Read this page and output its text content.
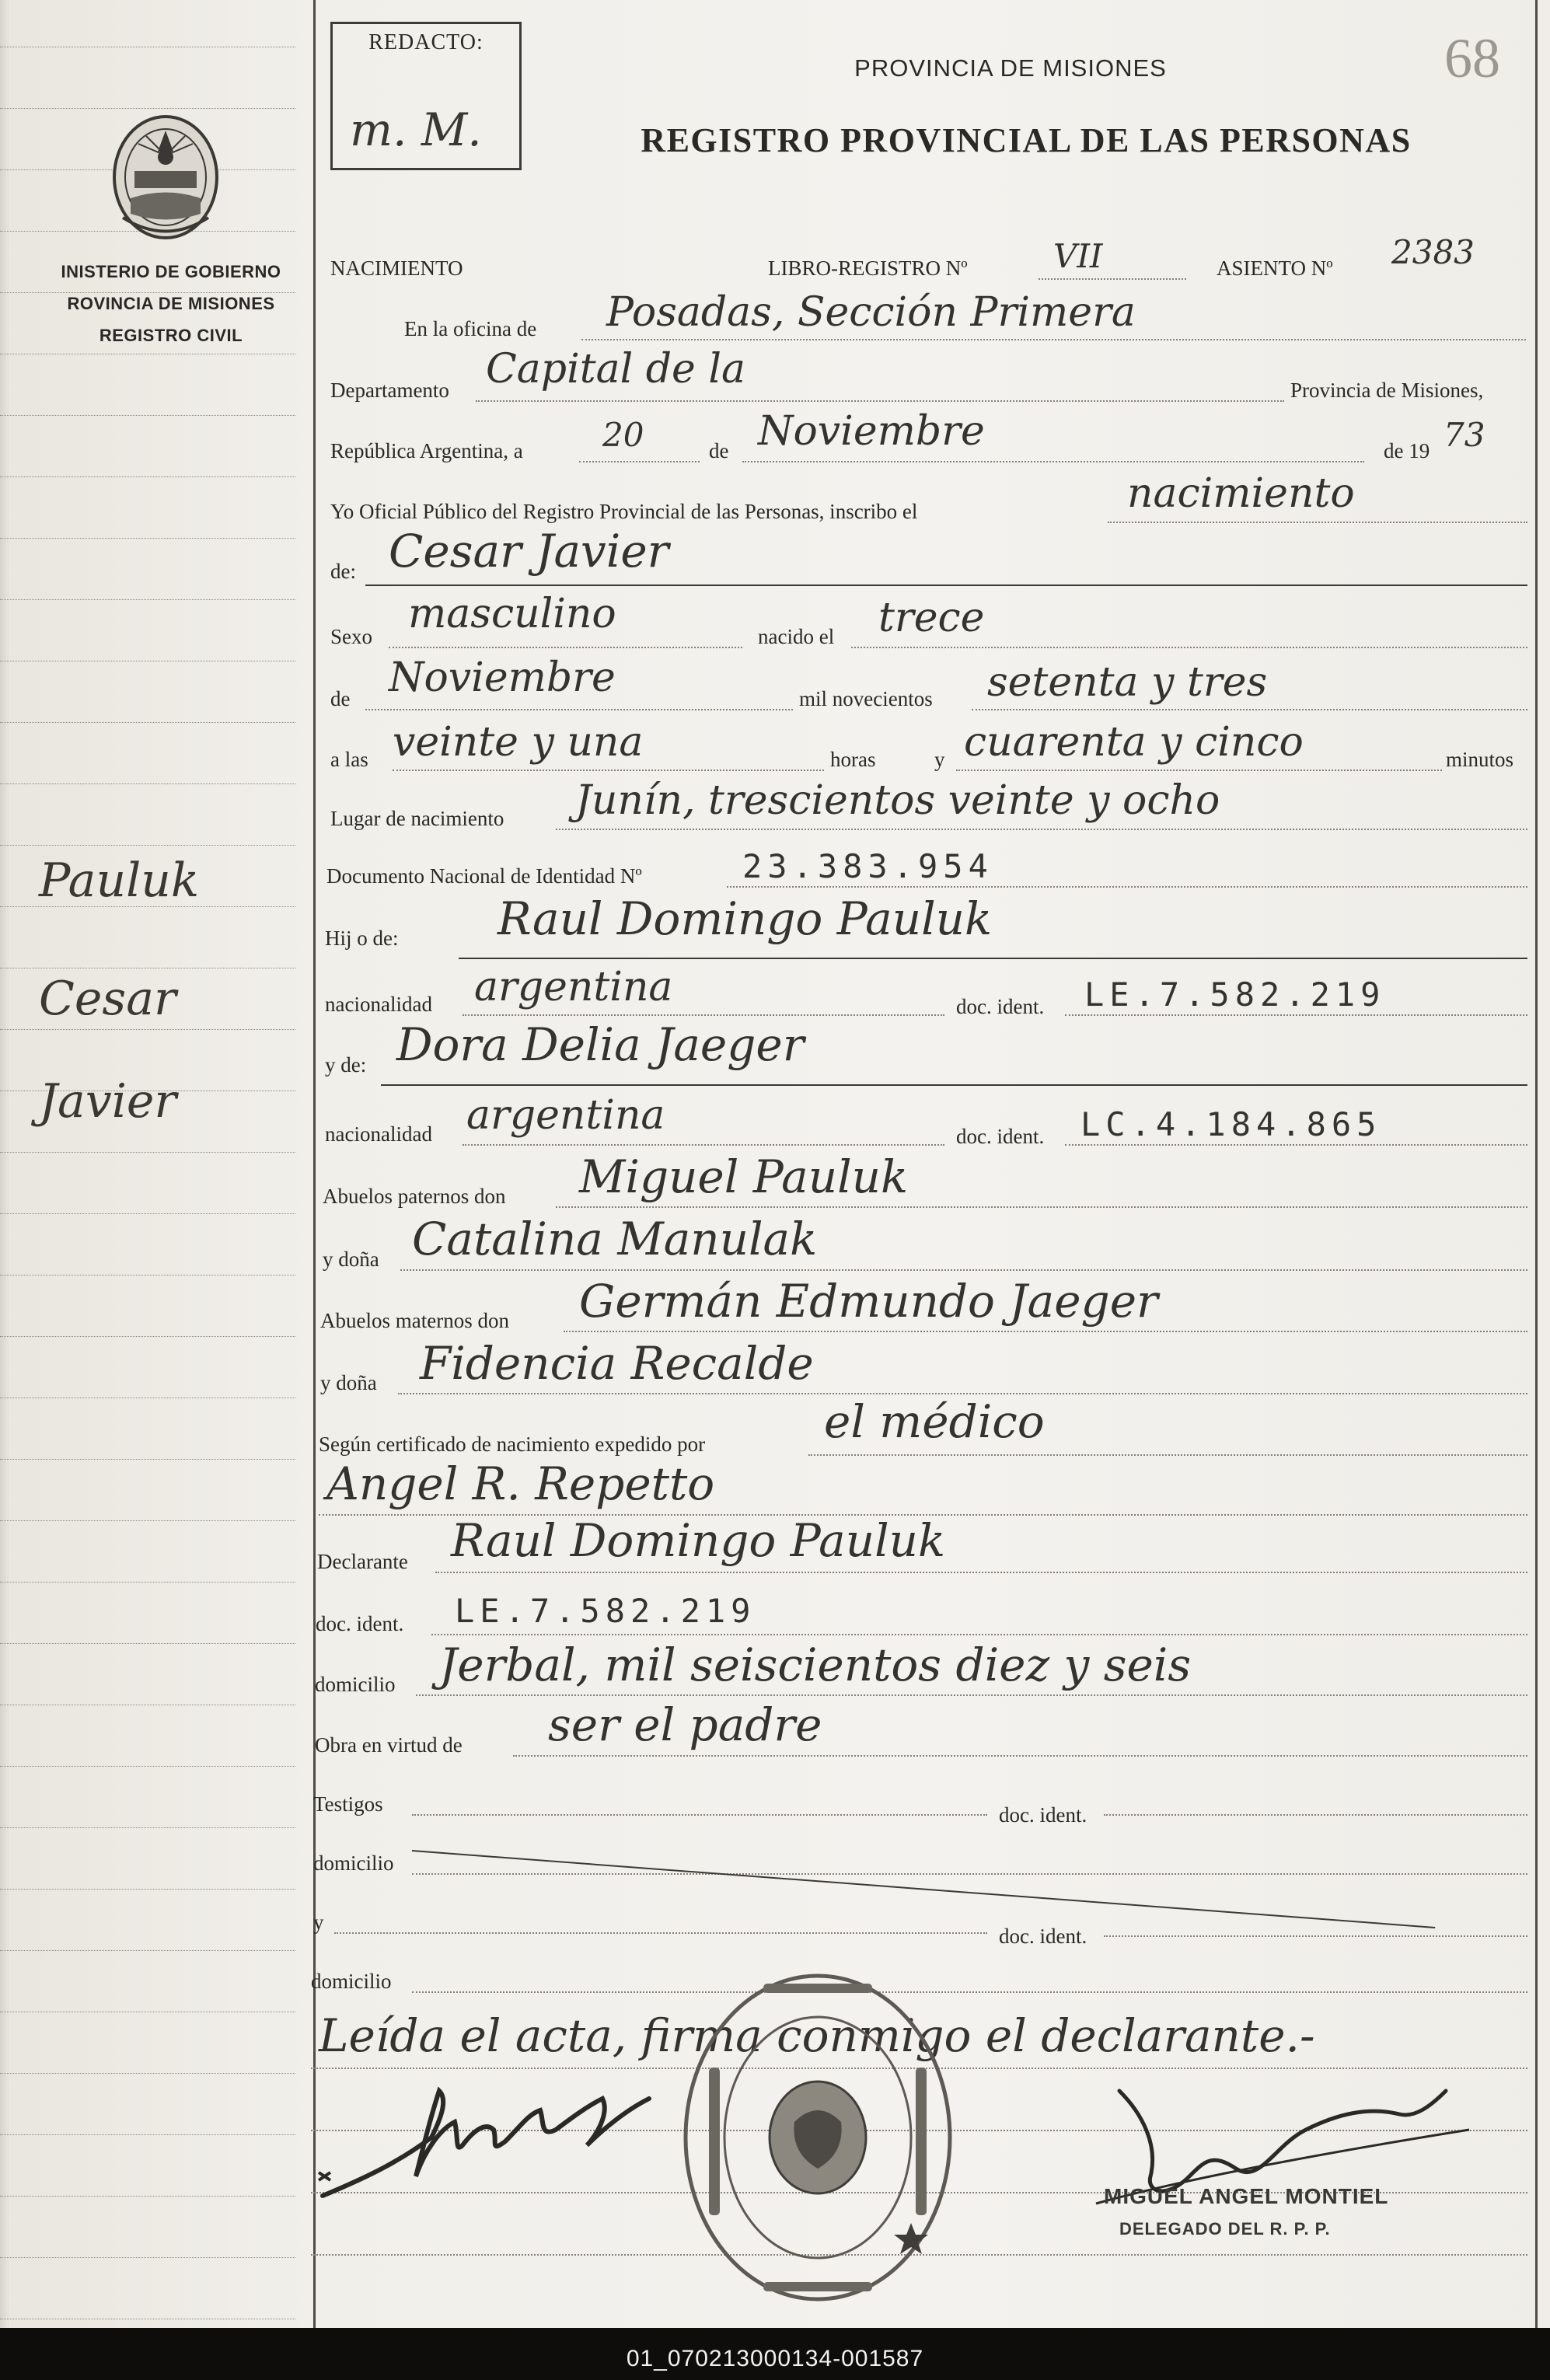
INISTERIO DE GOBIERNO
ROVINCIA DE MISIONES
REGISTRO CIVIL
Pauluk
Cesar
Javier
REDACTO:
m. M.
68
PROVINCIA DE MISIONES
REGISTRO PROVINCIAL DE LAS PERSONAS
NACIMIENTO	LIBRO-REGISTRO Nº	VII	ASIENTO Nº 2383
En la oficina de Posadas, Sección Primera
Departamento Capital de la	Provincia de Misiones,
República Argentina, a 20	de Noviembre	de 19 73
Yo Oficial Público del Registro Provincial de las Personas, inscribo el	nacimiento
de: Cesar Javier
Sexo masculino	nacido el trece
de Noviembre	mil novecientos setenta y tres
a las veinte y una	horas	y cuarenta y cinco	minutos
Lugar de nacimiento Junín, trescientos veinte y ocho
Documento Nacional de Identidad Nº	23.383.954
Hij o de: Raul Domingo Pauluk
nacionalidad argentina	doc. ident. LE.7.582.219
y de: Dora Delia Jaeger
nacionalidad argentina	doc. ident. LC.4.184.865
Abuelos paternos don Miguel Pauluk
y doña Catalina Manulak
Abuelos maternos don Germán Edmundo Jaeger
y doña Fidencia Recalde
Según certificado de nacimiento expedido por	el médico
Angel R. Repetto
Declarante Raul Domingo Pauluk
doc. ident. LE.7.582.219
domicilio Jerbal, mil seiscientos diez y seis
Obra en virtud de ser el padre
Testigos	doc. ident.
domicilio
y
doc. ident.
domicilio
Leída el acta, firma conmigo el declarante.-
MIGUEL ANGEL MONTIEL
DELEGADO DEL R. P. P.
01_070213000134-001587
